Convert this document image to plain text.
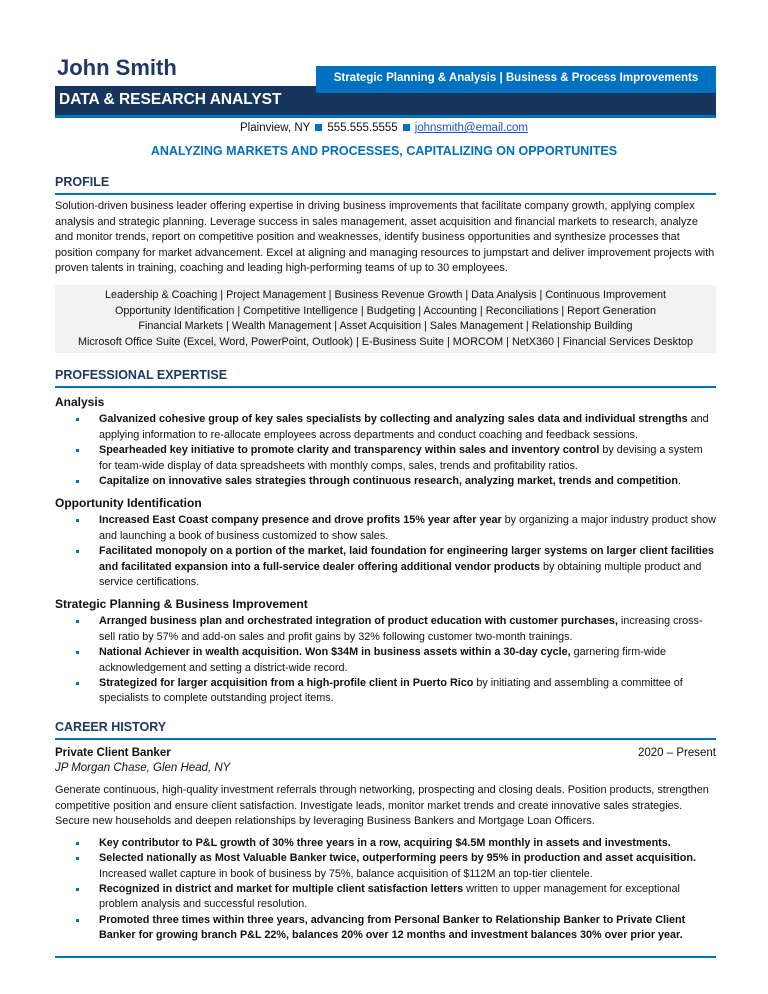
John Smith
DATA & RESEARCH ANALYST
Strategic Planning & Analysis | Business & Process Improvements
Plainview, NY 555.555.5555 johnsmith@email.com
ANALYZING MARKETS AND PROCESSES, CAPITALIZING ON OPPORTUNITES
PROFILE

Solution-driven business leader offering expertise in driving business improvements that facilitate company growth, applying complex analysis and strategic planning. Leverage success in sales management, asset acquisition and financial markets to research, analyze and monitor trends, report on competitive position and weaknesses, identify business opportunities and synthesize processes that position company for market advancement. Excel at aligning and managing resources to jumpstart and deliver improvement projects with proven talents in training, coaching and leading high-performing teams of up to 30 employees.

Leadership & Coaching | Project Management | Business Revenue Growth | Data Analysis | Continuous Improvement
Opportunity Identification | Competitive Intelligence | Budgeting | Accounting | Reconciliations | Report Generation
Financial Markets | Wealth Management | Asset Acquisition | Sales Management | Relationship Building
Microsoft Office Suite (Excel, Word, PowerPoint, Outlook) | E-Business Suite | MORCOM | NetX360 | Financial Services Desktop
PROFESSIONAL EXPERTISE
Analysis
Galvanized cohesive group of key sales specialists by collecting and analyzing sales data and individual strengths and applying information to re-allocate employees across departments and conduct coaching and feedback sessions.
Spearheaded key initiative to promote clarity and transparency within sales and inventory control by devising a system for team-wide display of data spreadsheets with monthly comps, sales, trends and profitability ratios.
Capitalize on innovative sales strategies through continuous research, analyzing market, trends and competition.
Opportunity Identification
Increased East Coast company presence and drove profits 15% year after year by organizing a major industry product show and launching a book of business customized to show sales.
Facilitated monopoly on a portion of the market, laid foundation for engineering larger systems on larger client facilities and facilitated expansion into a full-service dealer offering additional vendor products by obtaining multiple product and service certifications.
Strategic Planning & Business Improvement
Arranged business plan and orchestrated integration of product education with customer purchases, increasing cross-sell ratio by 57% and add-on sales and profit gains by 32% following customer two-month trainings.
National Achiever in wealth acquisition. Won $34M in business assets within a 30-day cycle, garnering firm-wide acknowledgement and setting a district-wide record.
Strategized for larger acquisition from a high-profile client in Puerto Rico by initiating and assembling a committee of specialists to complete outstanding project items.
CAREER HISTORY
Private Client Banker	2020 – Present
JP Morgan Chase, Glen Head, NY

Generate continuous, high-quality investment referrals through networking, prospecting and closing deals. Position products, strengthen competitive position and ensure client satisfaction. Investigate leads, monitor market trends and create innovative sales strategies. Secure new households and deepen relationships by leveraging Business Bankers and Mortgage Loan Officers.

Key contributor to P&L growth of 30% three years in a row, acquiring $4.5M monthly in assets and investments.
Selected nationally as Most Valuable Banker twice, outperforming peers by 95% in production and asset acquisition. Increased wallet capture in book of business by 75%, balance acquisition of $112M an top-tier clientele.
Recognized in district and market for multiple client satisfaction letters written to upper management for exceptional problem analysis and successful resolution.
Promoted three times within three years, advancing from Personal Banker to Relationship Banker to Private Client Banker for growing branch P&L 22%, balances 20% over 12 months and investment balances 30% over prior year.
